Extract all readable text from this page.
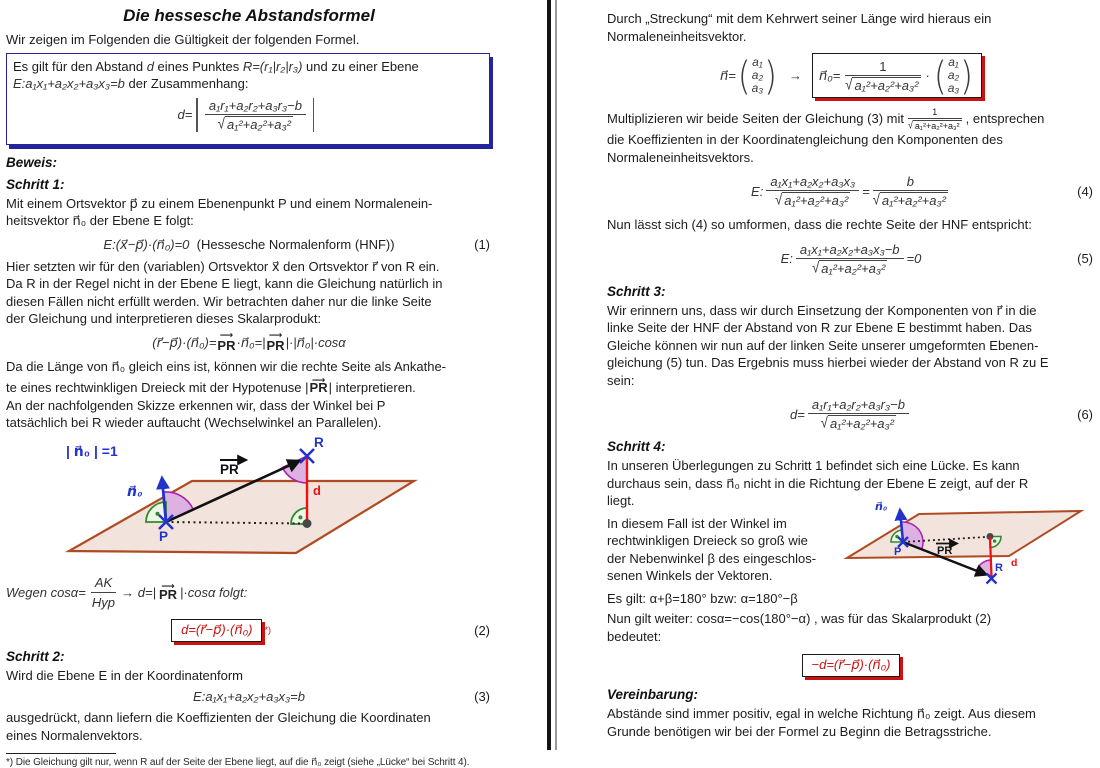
Die hessesche Abstandsformel
Wir zeigen im Folgenden die Gültigkeit der folgenden Formel.
Es gilt für den Abstand d eines Punktes R=(r₁|r₂|r₃) und zu einer Ebene
E:a₁x₁+a₂x₂+a₃x₃=b der Zusammenhang:
$d= \frac{\text{a₁r₁+a₂r₂+a₃r₃−b}}{\text{√ a₁²+a₂²+a₃²}}$
Beweis:
Schritt 1:
Mit einem Ortsvektor p⃗ zu einem Ebenenpunkt P und einem Normalenein-
heitsvektor n⃗₀ der Ebene E folgt:
E:(x⃗−p⃗)·(n⃗₀)=0 (Hessesche Normalenform (HNF))	(1)
Hier setzten wir für den (variablen) Ortsvektor x⃗ den Ortsvektor r⃗ von R ein.
Da R in der Regel nicht in der Ebene E liegt, kann die Gleichung natürlich in
diesen Fällen nicht erfüllt werden. Wir betrachten daher nur die linke Seite
der Gleichung und interpretieren dieses Skalarprodukt:
(r⃗−p⃗)·(n⃗₀)= ⟶ PR ·n⃗₀=| ⟶ PR |·|n⃗₀|·cosα
Da die Länge von n⃗₀ gleich eins ist, können wir die rechte Seite als Ankathe-
te eines rechtwinkligen Dreieck mit der Hypotenuse |⟶ PR| interpretieren.
An der nachfolgenden Skizze erkennen wir, dass der Winkel bei P
tatsächlich bei R wieder auftaucht (Wechselwinkel an Parallelen).
| n⃗₀ | =1
n⃗₀
PR
P
R
d
Wegen $\cos\alpha= \frac{AK}{\text{Hyp}} \to d=|$ ⟶ PR |·cosα folgt:
d=(r⃗−p⃗)·(n⃗₀)	*)	(2)
Schritt 2:
Wird die Ebene E in der Koordinatenform
E:a₁x₁+a₂x₂+a₃x₃=b	(3)
ausgedrückt, dann liefern die Koeffizienten der Gleichung die Koordinaten
eines Normalenvektors.
*) Die Gleichung gilt nur, wenn R auf der Seite der Ebene liegt, auf die n⃗₀ zeigt (siehe „Lücke“ bei Schritt 4).
Durch „Streckung“ mit dem Kehrwert seiner Länge wird hieraus ein
Normaleneinheitsvektor.
n⃗= ( a₁
a₂
a₃ ) → n⃗₀= $\frac{1}{\text{√ a₁²+a₂²+a₃²}}$ · ( a₁
a₂
a₃ )
Multiplizieren wir beide Seiten der Gleichung (3) mit $\frac{1}{\text{√ a₁²+a₂²+a₃²}}$ , entsprechen
die Koeffizienten in der Koordinatengleichung den Komponenten des
Normaleneinheitsvektors.
E: $\frac{\text{a₁x₁+a₂x₂+a₃x₃}}{\text{√ a₁²+a₂²+a₃²}} = \frac{b}{\text{√ a₁²+a₂²+a₃²}}$	(4)
Nun lässt sich (4) so umformen, dass die rechte Seite der HNF entspricht:
E: $\frac{\text{a₁x₁+a₂x₂+a₃x₃−b}}{\text{√ a₁²+a₂²+a₃²}} =0$	(5)
Schritt 3:
Wir erinnern uns, dass wir durch Einsetzung der Komponenten von r⃗ in die
linke Seite der HNF der Abstand von R zur Ebene E bestimmt haben. Das
Gleiche können wir nun auf der linken Seite unserer umgeformten Ebenen-
gleichung (5) tun. Das Ergebnis muss hierbei wieder der Abstand von R zu E
sein:
$d= \frac{\text{a₁r₁+a₂r₂+a₃r₃−b}}{\text{√ a₁²+a₂²+a₃²}}$	(6)
Schritt 4:
In unseren Überlegungen zu Schritt 1 befindet sich eine Lücke. Es kann
durchaus sein, dass n⃗₀ nicht in die Richtung der Ebene E zeigt, auf der R
liegt.
In diesem Fall ist der Winkel im
rechtwinkligen Dreieck so groß wie
der Nebenwinkel β des eingeschlos-
senen Winkels der Vektoren.
n⃗₀
P	PR
d
R
Es gilt: α+β=180° bzw: α=180°−β
Nun gilt weiter: cosα=−cos(180°−α) , was für das Skalarprodukt (2)
bedeutet:
−d=(r⃗−p⃗)·(n⃗₀)
Vereinbarung:
Abstände sind immer positiv, egal in welche Richtung n⃗₀ zeigt. Aus diesem
Grunde benötigen wir bei der Formel zu Beginn die Betragsstriche.
